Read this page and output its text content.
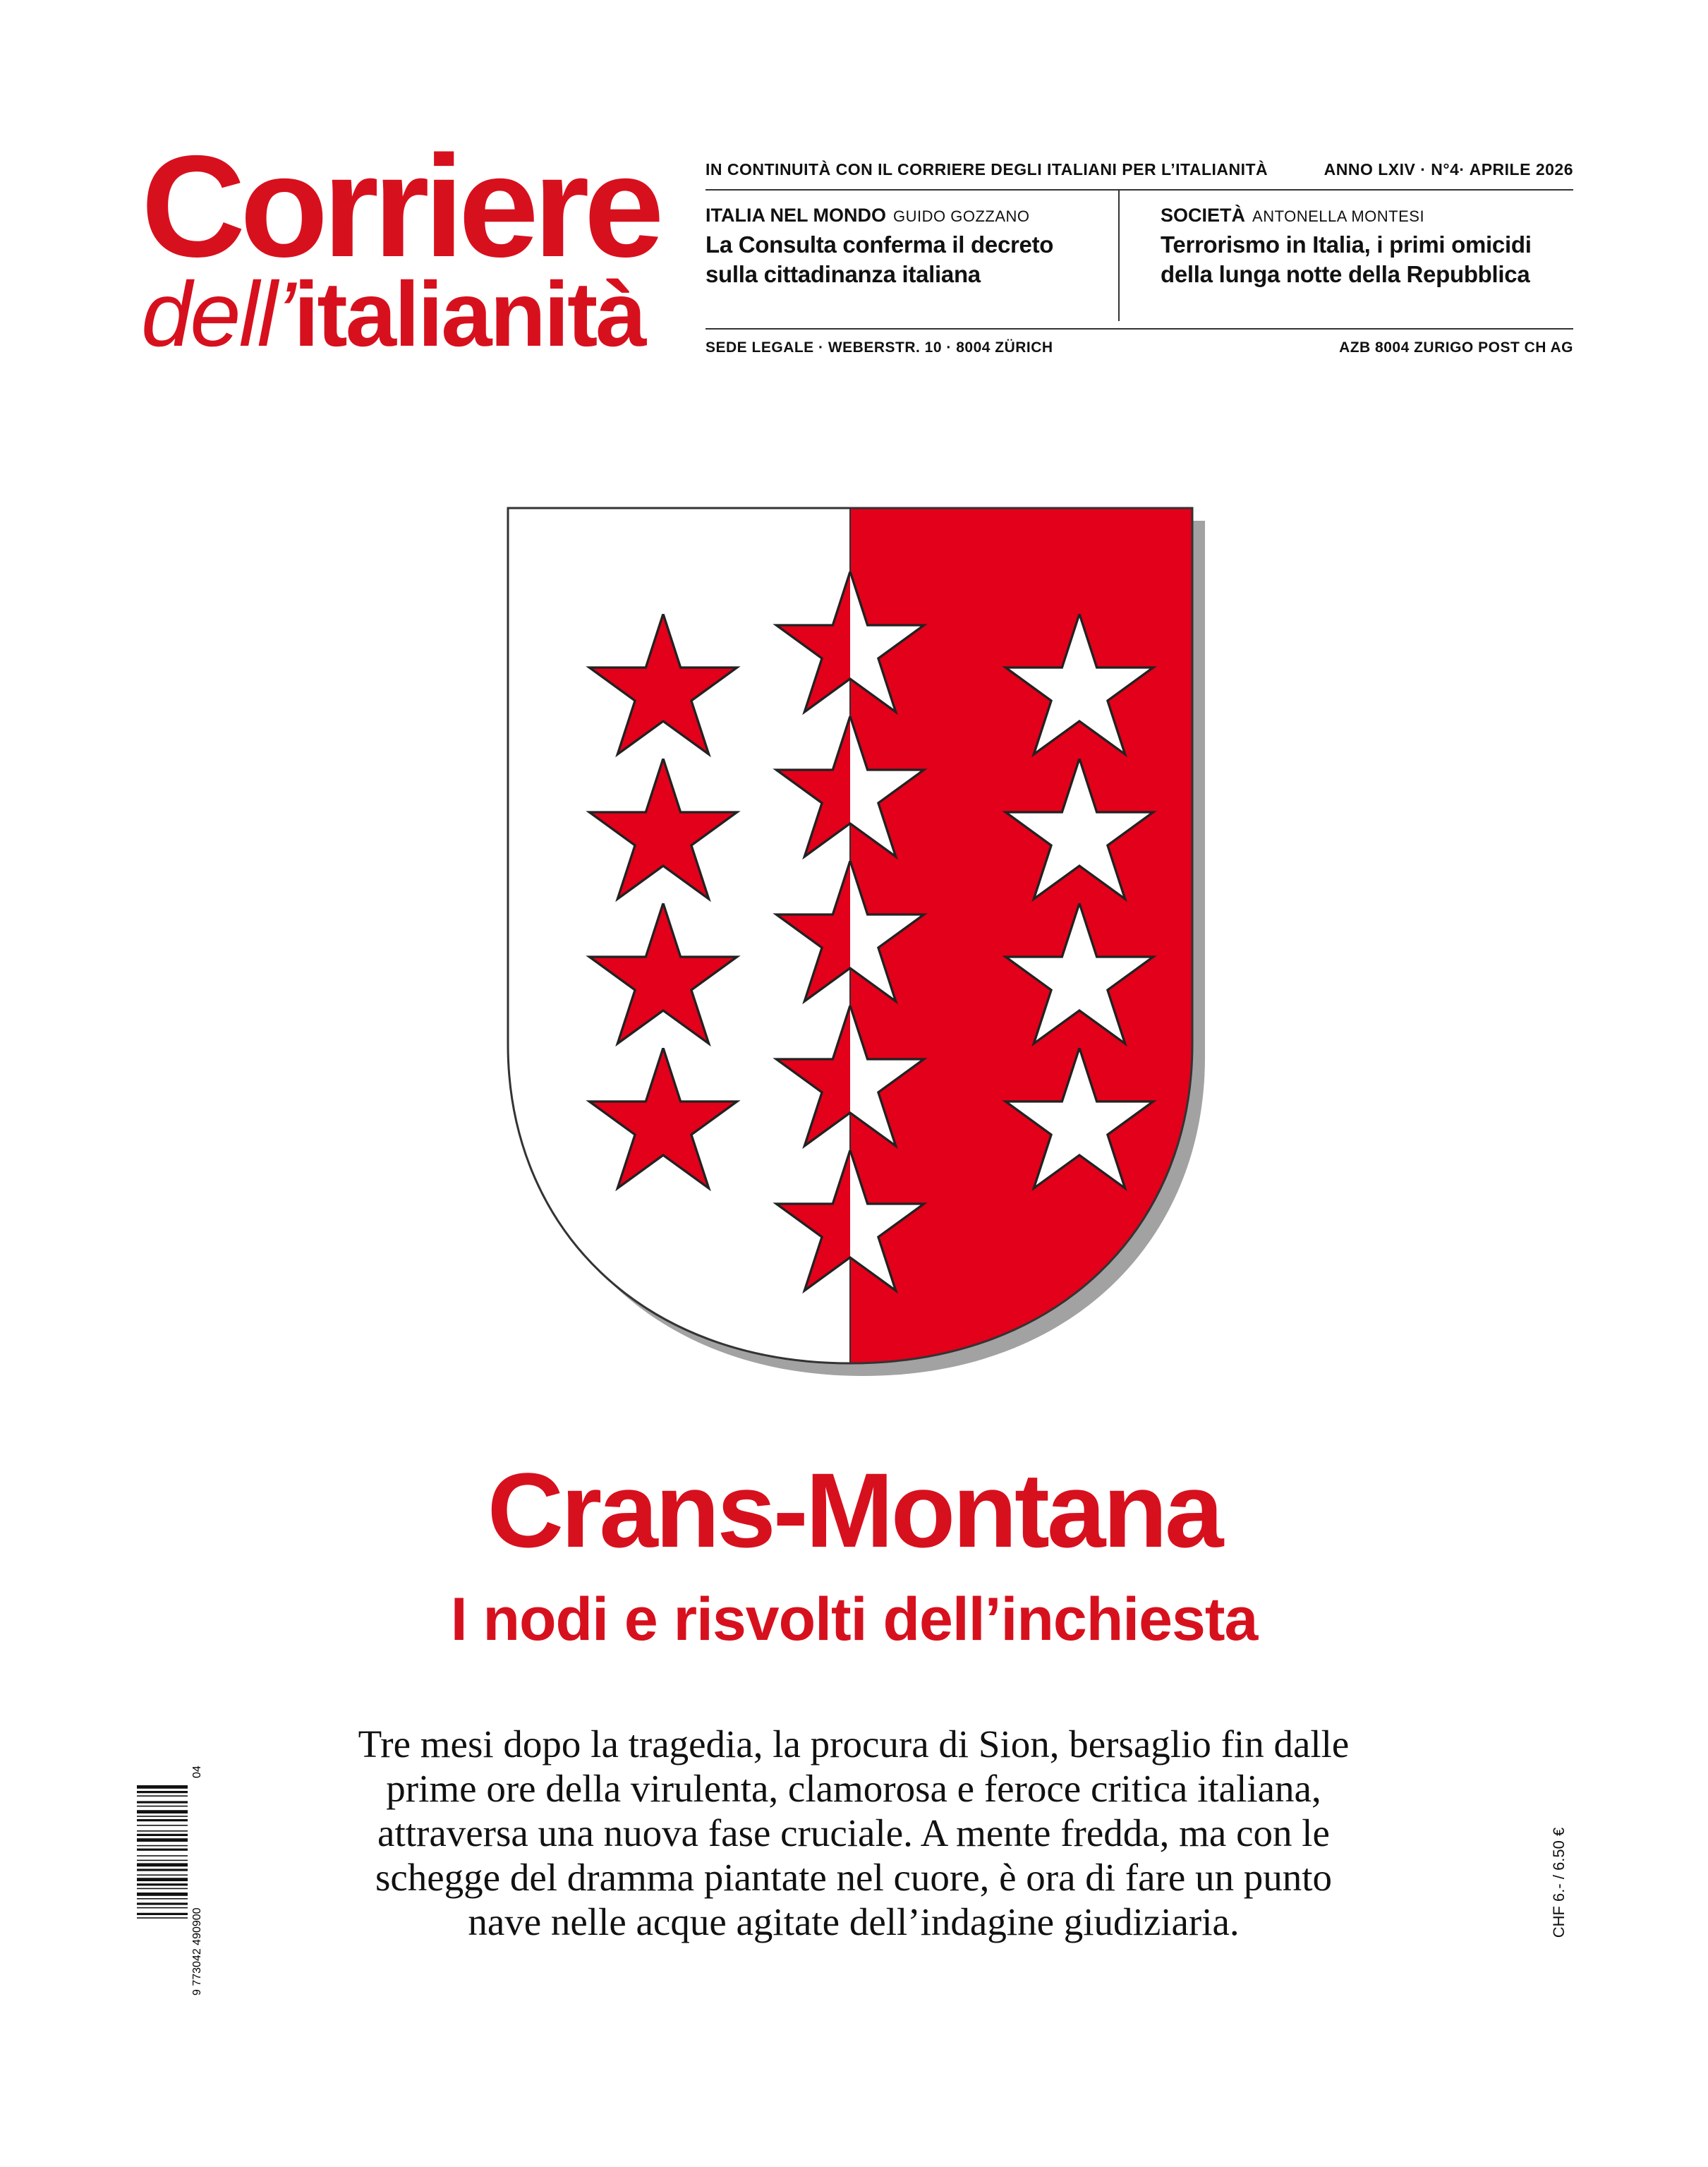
Corriere
dell’italianità
IN CONTINUITÀ CON IL CORRIERE DEGLI ITALIANI PER L’ITALIANITÀ	ANNO LXIV · N°4· APRILE 2026
ITALIA NEL MONDO GUIDO GOZZANO
La Consulta conferma il decreto
sulla cittadinanza italiana
SOCIETÀ ANTONELLA MONTESI
Terrorismo in Italia, i primi omicidi
della lunga notte della Repubblica
SEDE LEGALE · WEBERSTR. 10 · 8004 ZÜRICH	AZB 8004 ZURIGO POST CH AG
Crans-Montana
I nodi e risvolti dell’inchiesta
Tre mesi dopo la tragedia, la procura di Sion, bersaglio fin dalle
prime ore della virulenta, clamorosa e feroce critica italiana,
attraversa una nuova fase cruciale. A mente fredda, ma con le
schegge del dramma piantate nel cuore, è ora di fare un punto
nave nelle acque agitate dell’indagine giudiziaria.
9 773042 490900
04
CHF 6.- / 6.50 €
